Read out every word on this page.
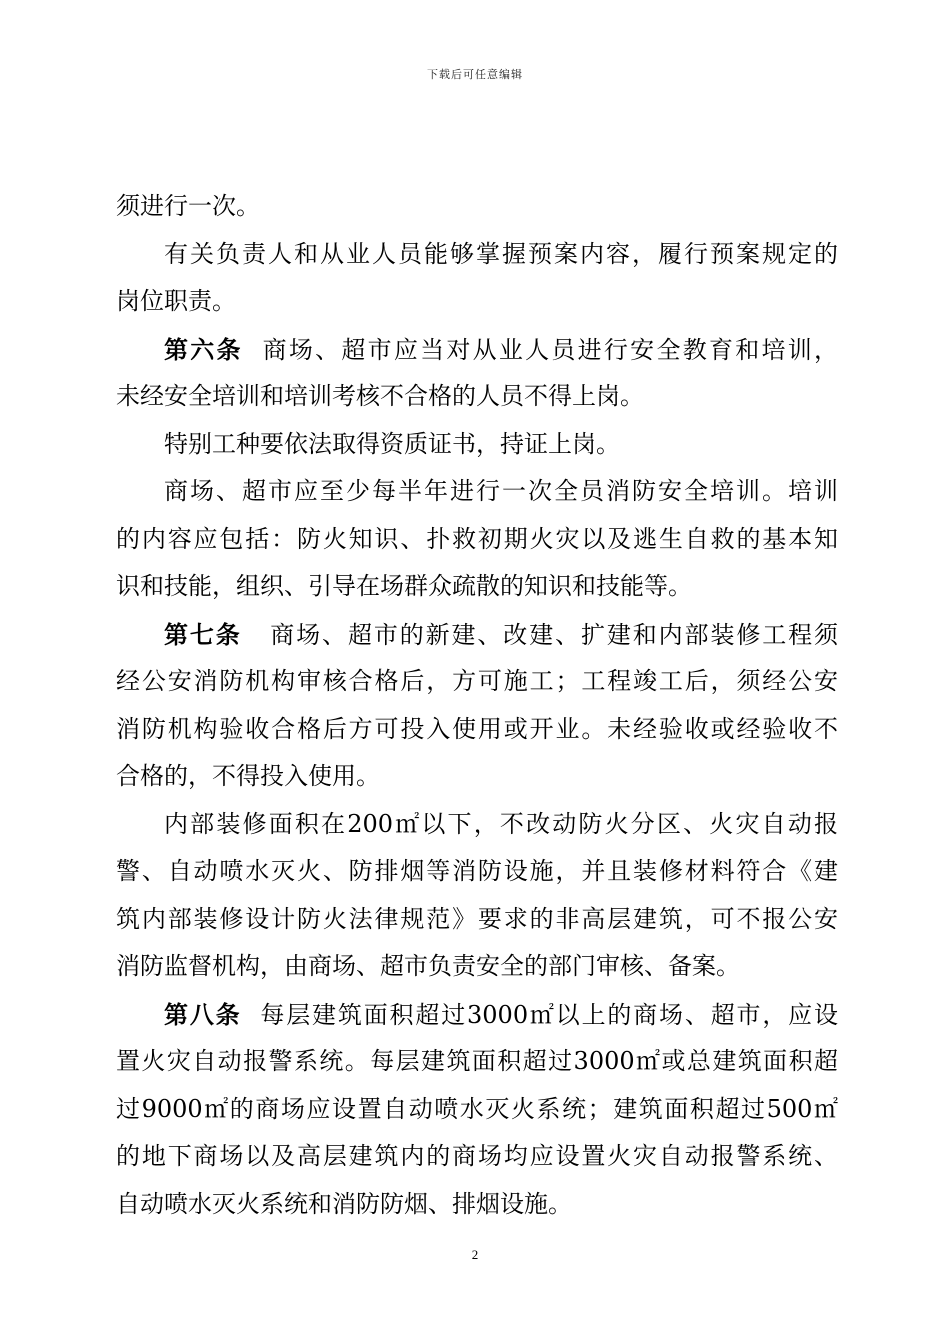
下载后可任意编辑
须进行一次。
有关负责人和从业人员能够掌握预案内容，履行预案规定的
岗位职责。
第六条 商场、超市应当对从业人员进行安全教育和培训，
未经安全培训和培训考核不合格的人员不得上岗。
特别工种要依法取得资质证书，持证上岗。
商场、超市应至少每半年进行一次全员消防安全培训。培训
的内容应包括：防火知识、扑救初期火灾以及逃生自救的基本知
识和技能，组织、引导在场群众疏散的知识和技能等。
第七条 商场、超市的新建、改建、扩建和内部装修工程须
经公安消防机构审核合格后，方可施工；工程竣工后，须经公安
消防机构验收合格后方可投入使用或开业。未经验收或经验收不
合格的，不得投入使用。
内部装修面积在200㎡以下，不改动防火分区、火灾自动报
警、自动喷水灭火、防排烟等消防设施，并且装修材料符合《建
筑内部装修设计防火法律规范》要求的非高层建筑，可不报公安
消防监督机构，由商场、超市负责安全的部门审核、备案。
第八条 每层建筑面积超过3000㎡以上的商场、超市，应设
置火灾自动报警系统。每层建筑面积超过3000㎡或总建筑面积超
过9000㎡的商场应设置自动喷水灭火系统；建筑面积超过500㎡
的地下商场以及高层建筑内的商场均应设置火灾自动报警系统、
自动喷水灭火系统和消防防烟、排烟设施。
2
